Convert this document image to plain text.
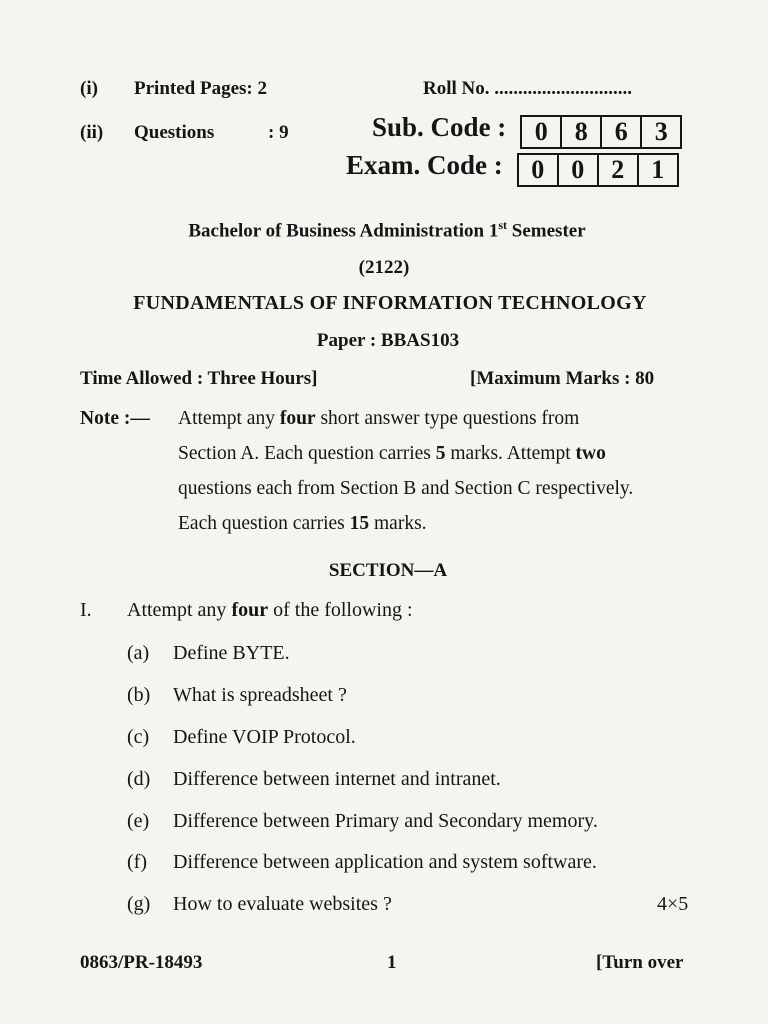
(i) Printed Pages: 2	Roll No. .............................
(ii) Questions	: 9	Sub. Code :	0	8	6	3
Exam. Code :	0	0	2	1
Bachelor of Business Administration 1st Semester
(2122)
FUNDAMENTALS OF INFORMATION TECHNOLOGY
Paper : BBAS103
Time Allowed : Three Hours]	[Maximum Marks : 80
Note :— Attempt any four short answer type questions from
Section A. Each question carries 5 marks. Attempt two
questions each from Section B and Section C respectively.
Each question carries 15 marks.
SECTION—A
I. Attempt any four of the following :
(a) Define BYTE.
(b) What is spreadsheet ?
(c) Define VOIP Protocol.
(d) Difference between internet and intranet.
(e) Difference between Primary and Secondary memory.
(f) Difference between application and system software.
(g) How to evaluate websites ?	4×5
0863/PR-18493	1	[Turn over
